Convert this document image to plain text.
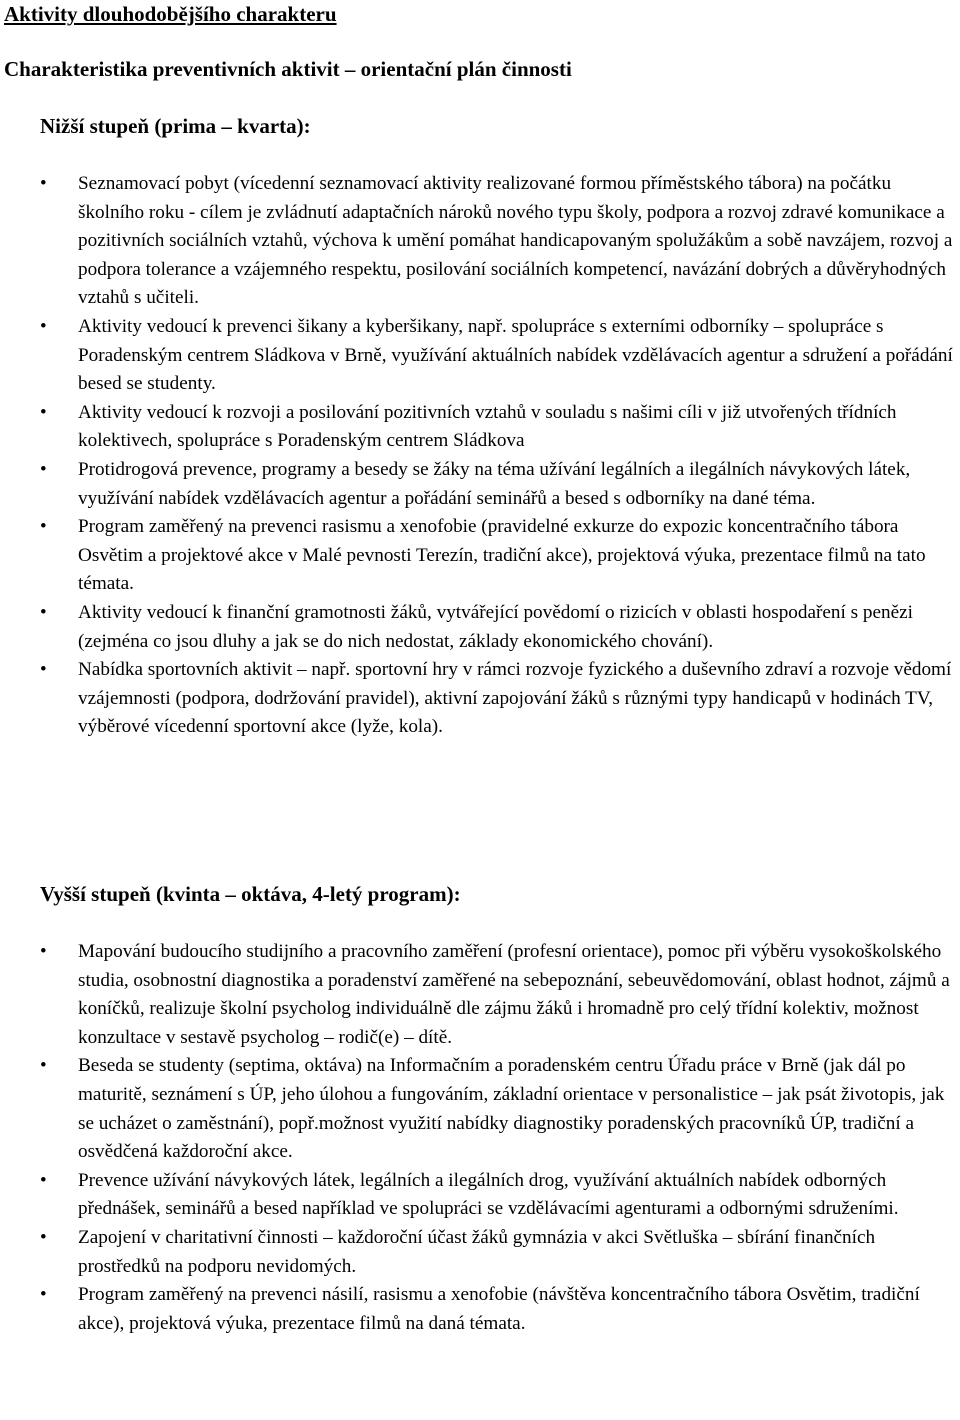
Aktivity dlouhodobějšího charakteru
Charakteristika preventivních aktivit – orientační plán činnosti
Nižší stupeň (prima – kvarta):
•	Seznamovací pobyt (vícedenní seznamovací aktivity realizované formou příměstského tábora) na počátku školního roku - cílem je zvládnutí adaptačních nároků nového typu školy, podpora a rozvoj zdravé komunikace a pozitivních sociálních vztahů, výchova k umění pomáhat handicapovaným spolužákům a sobě navzájem, rozvoj a podpora tolerance a vzájemného respektu, posilování sociálních kompetencí, navázání dobrých a důvěryhodných vztahů s učiteli.
•	Aktivity vedoucí k prevenci šikany a kyberšikany, např. spolupráce s externími odborníky – spolupráce s Poradenským centrem Sládkova v Brně, využívání aktuálních nabídek vzdělávacích agentur a sdružení a pořádání besed se studenty.
•	Aktivity vedoucí k rozvoji a posilování pozitivních vztahů v souladu s našimi cíli v již utvořených třídních kolektivech, spolupráce s Poradenským centrem Sládkova
•	Protidrogová prevence, programy a besedy se žáky na téma užívání legálních a ilegálních návykových látek, využívání nabídek vzdělávacích agentur a pořádání seminářů a besed s odborníky na dané téma.
•	Program zaměřený na prevenci rasismu a xenofobie (pravidelné exkurze do expozic koncentračního tábora Osvětim a projektové akce v Malé pevnosti Terezín, tradiční akce), projektová výuka, prezentace filmů na tato témata.
•	Aktivity vedoucí k finanční gramotnosti žáků, vytvářející povědomí o rizicích v oblasti hospodaření s penězi (zejména co jsou dluhy a jak se do nich nedostat, základy ekonomického chování).
•	Nabídka sportovních aktivit – např. sportovní hry v rámci rozvoje fyzického a duševního zdraví a rozvoje vědomí vzájemnosti (podpora, dodržování pravidel), aktivní zapojování žáků s různými typy handicapů v hodinách TV, výběrové vícedenní sportovní akce (lyže, kola).
Vyšší stupeň (kvinta – oktáva, 4-letý program):
•	Mapování budoucího studijního a pracovního zaměření (profesní orientace), pomoc při výběru vysokoškolského studia, osobnostní diagnostika a poradenství zaměřené na sebepoznání, sebeuvědomování, oblast hodnot, zájmů a koníčků, realizuje školní psycholog individuálně dle zájmu žáků i hromadně pro celý třídní kolektiv, možnost konzultace v sestavě psycholog – rodič(e) – dítě.
•	Beseda se studenty (septima, oktáva) na Informačním a poradenském centru Úřadu práce v Brně (jak dál po maturitě, seznámení s ÚP, jeho úlohou a fungováním, základní orientace v personalistice – jak psát životopis, jak se ucházet o zaměstnání), popř.možnost využití nabídky diagnostiky poradenských pracovníků ÚP, tradiční a osvědčená každoroční akce.
•	Prevence užívání návykových látek, legálních a ilegálních drog, využívání aktuálních nabídek odborných přednášek, seminářů a besed například ve spolupráci se vzdělávacími agenturami a odbornými sdruženími.
•	Zapojení v charitativní činnosti – každoroční účast žáků gymnázia v akci Světluška – sbírání finančních prostředků na podporu nevidomých.
•	Program zaměřený na prevenci násilí, rasismu a xenofobie (návštěva koncentračního tábora Osvětim, tradiční akce), projektová výuka, prezentace filmů na daná témata.
